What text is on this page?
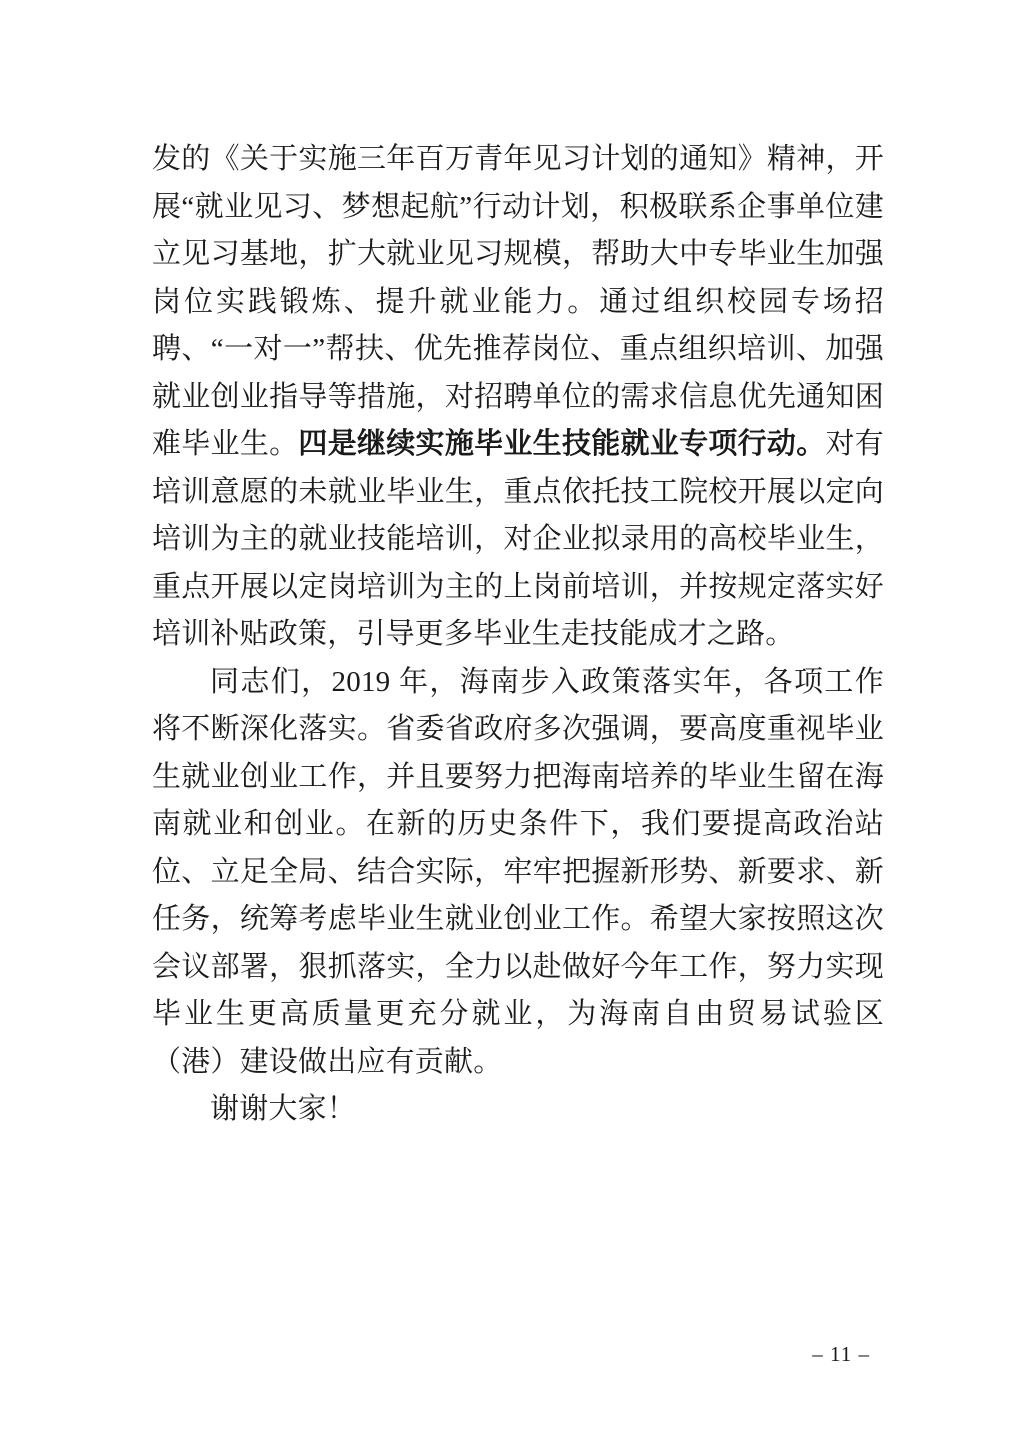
发的《关于实施三年百万青年见习计划的通知》精神，开展“就业见习、梦想起航”行动计划，积极联系企事单位建立见习基地，扩大就业见习规模，帮助大中专毕业生加强岗位实践锻炼、提升就业能力。通过组织校园专场招聘、“一对一”帮扶、优先推荐岗位、重点组织培训、加强就业创业指导等措施，对招聘单位的需求信息优先通知困难毕业生。四是继续实施毕业生技能就业专项行动。对有培训意愿的未就业毕业生，重点依托技工院校开展以定向培训为主的就业技能培训，对企业拟录用的高校毕业生，重点开展以定岗培训为主的上岗前培训，并按规定落实好培训补贴政策，引导更多毕业生走技能成才之路。

同志们，2019 年，海南步入政策落实年，各项工作将不断深化落实。省委省政府多次强调，要高度重视毕业生就业创业工作，并且要努力把海南培养的毕业生留在海南就业和创业。在新的历史条件下，我们要提高政治站位、立足全局、结合实际，牢牢把握新形势、新要求、新任务，统筹考虑毕业生就业创业工作。希望大家按照这次会议部署，狠抓落实，全力以赴做好今年工作，努力实现毕业生更高质量更充分就业，为海南自由贸易试验区（港）建设做出应有贡献。

谢谢大家！

– 11 –
